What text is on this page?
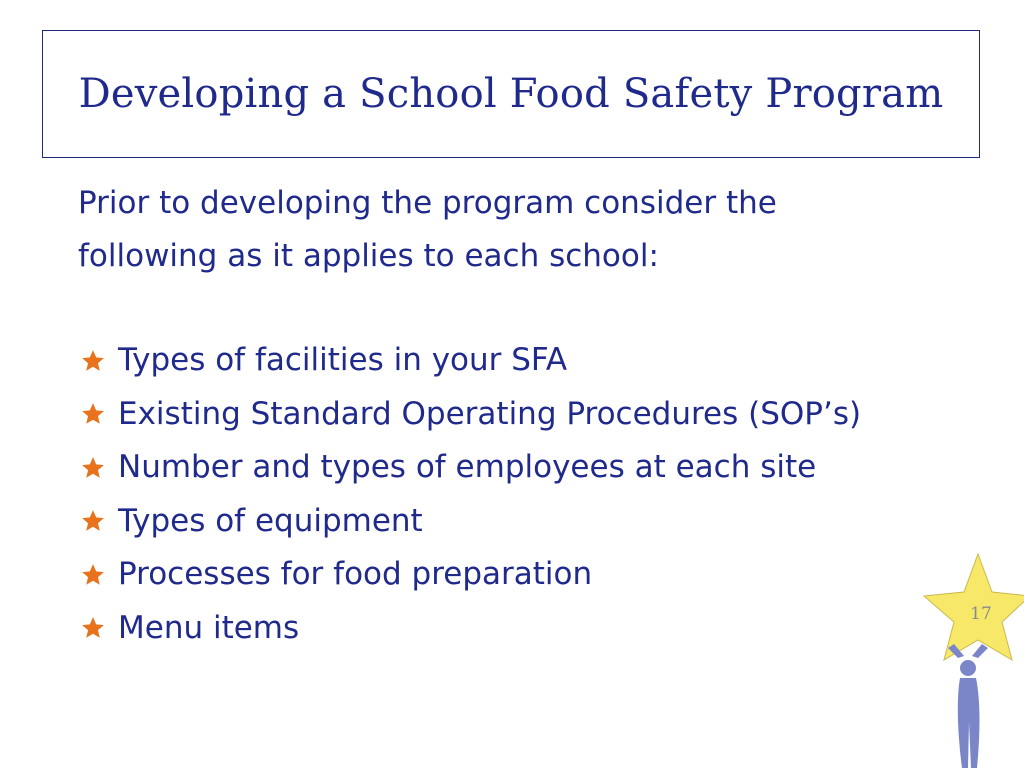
Developing a School Food Safety Program
Prior to developing the program consider the
following as it applies to each school:
Types of facilities in your SFA
Existing Standard Operating Procedures (SOP’s)
Number and types of employees at each site
Types of equipment
Processes for food preparation
Menu items	17
